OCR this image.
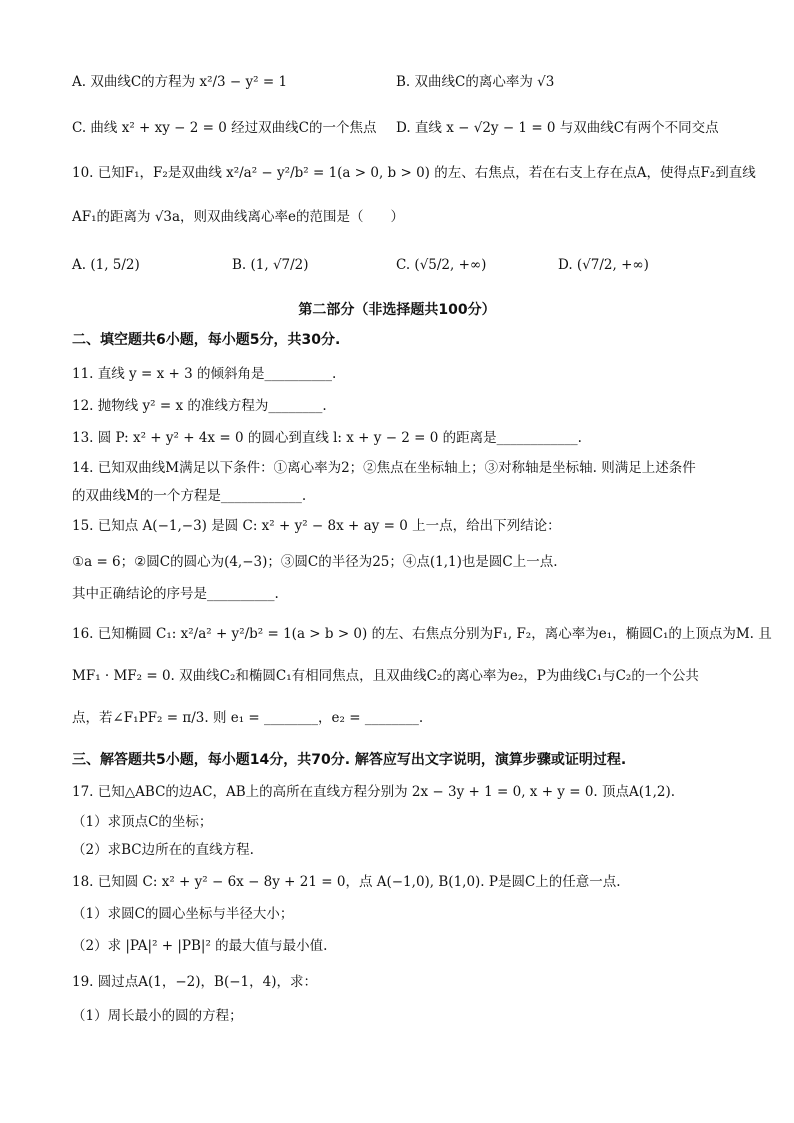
A. 双曲线C的方程为 x²/3 − y² = 1	B. 双曲线C的离心率为 √3
C. 曲线 x² + xy − 2 = 0 经过双曲线C的一个焦点 D. 直线 x − √2y − 1 = 0 与双曲线C有两个不同交点
10. 已知F₁，F₂是双曲线 x²/a² − y²/b² = 1(a > 0, b > 0) 的左、右焦点，若在右支上存在点A，使得点F₂到直线
AF₁的距离为 √3a，则双曲线离心率e的范围是（　　）
A. (1, 5/2)	B. (1, √7/2)	C. (√5/2, +∞)	D. (√7/2, +∞)
第二部分（非选择题共100分）
二、填空题共6小题，每小题5分，共30分.
11. 直线 y = x + 3 的倾斜角是__________.
12. 抛物线 y² = x 的准线方程为________.
13. 圆 P: x² + y² + 4x = 0 的圆心到直线 l: x + y − 2 = 0 的距离是____________.
14. 已知双曲线M满足以下条件：①离心率为2；②焦点在坐标轴上；③对称轴是坐标轴. 则满足上述条件
的双曲线M的一个方程是____________.
15. 已知点 A(−1,−3) 是圆 C: x² + y² − 8x + ay = 0 上一点，给出下列结论：
①a = 6；②圆C的圆心为(4,−3)；③圆C的半径为25；④点(1,1)也是圆C上一点.
其中正确结论的序号是__________.
16. 已知椭圆 C₁: x²/a² + y²/b² = 1(a > b > 0) 的左、右焦点分别为F₁, F₂，离心率为e₁，椭圆C₁的上顶点为M. 且
MF₁ · MF₂ = 0. 双曲线C₂和椭圆C₁有相同焦点，且双曲线C₂的离心率为e₂，P为曲线C₁与C₂的一个公共
点，若∠F₁PF₂ = π/3. 则 e₁ = ________，e₂ = ________.
三、解答题共5小题，每小题14分，共70分. 解答应写出文字说明，演算步骤或证明过程.
17. 已知△ABC的边AC，AB上的高所在直线方程分别为 2x − 3y + 1 = 0, x + y = 0. 顶点A(1,2).
（1）求顶点C的坐标；
（2）求BC边所在的直线方程.
18. 已知圆 C: x² + y² − 6x − 8y + 21 = 0，点 A(−1,0), B(1,0). P是圆C上的任意一点.
（1）求圆C的圆心坐标与半径大小；
（2）求 |PA|² + |PB|² 的最大值与最小值.
19. 圆过点A(1，−2)，B(−1，4)，求：
（1）周长最小的圆的方程；
